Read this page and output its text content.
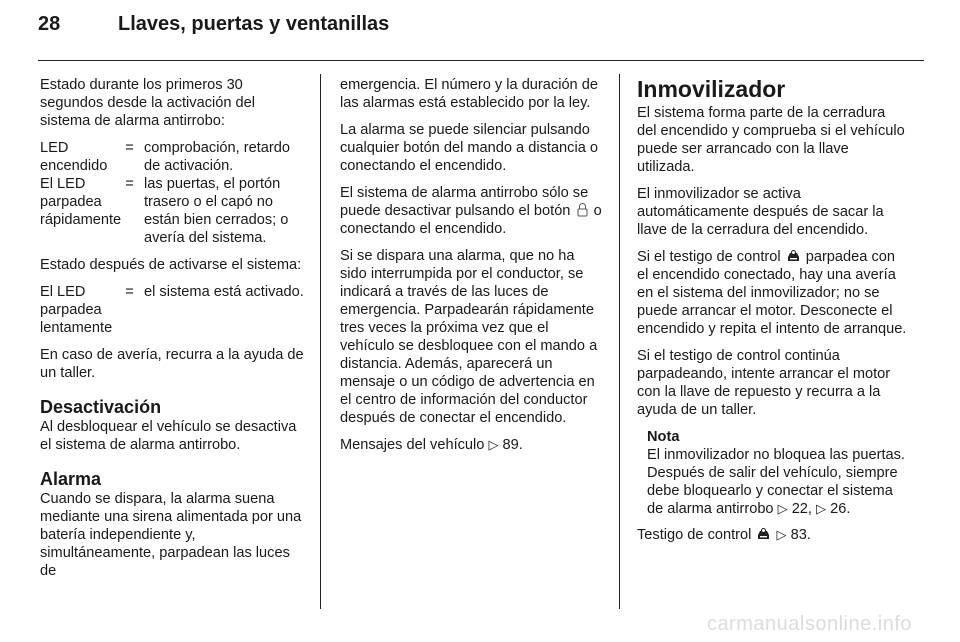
28	Llaves, puertas y ventanillas

Estado durante los primeros 30 segundos desde la activación del sistema de alarma antirrobo:

LED encendido
= comprobación, retardo de activación.
El LED parpadea rápidamente
= las puertas, el portón trasero o el capó no están bien cerrados; o avería del sistema.

Estado después de activarse el sistema:

El LED parpadea lentamente
= el sistema está activado.

En caso de avería, recurra a la ayuda de un taller.

Desactivación

Al desbloquear el vehículo se desactiva el sistema de alarma antirrobo.

Alarma

Cuando se dispara, la alarma suena mediante una sirena alimentada por una batería independiente y, simultáneamente, parpadean las luces de

emergencia. El número y la duración de las alarmas está establecido por la ley.

La alarma se puede silenciar pulsando cualquier botón del mando a distancia o conectando el encendido.

El sistema de alarma antirrobo sólo se puede desactivar pulsando el botón o conectando el encendido.

Si se dispara una alarma, que no ha sido interrumpida por el conductor, se indicará a través de las luces de emergencia. Parpadearán rápidamente tres veces la próxima vez que el vehículo se desbloquee con el mando a distancia. Además, aparecerá un mensaje o un código de advertencia en el centro de información del conductor después de conectar el encendido.

Mensajes del vehículo ▷ 89.

Inmovilizador

El sistema forma parte de la cerradura del encendido y comprueba si el vehículo puede ser arrancado con la llave utilizada.

El inmovilizador se activa automáticamente después de sacar la llave de la cerradura del encendido.

Si el testigo de control parpadea con el encendido conectado, hay una avería en el sistema del inmovilizador; no se puede arrancar el motor. Desconecte el encendido y repita el intento de arranque.

Si el testigo de control continúa parpadeando, intente arrancar el motor con la llave de repuesto y recurra a la ayuda de un taller.

Nota
El inmovilizador no bloquea las puertas. Después de salir del vehículo, siempre debe bloquearlo y conectar el sistema de alarma antirrobo ▷ 22, ▷ 26.

Testigo de control ▷ 83.

carmanualsonline.info
